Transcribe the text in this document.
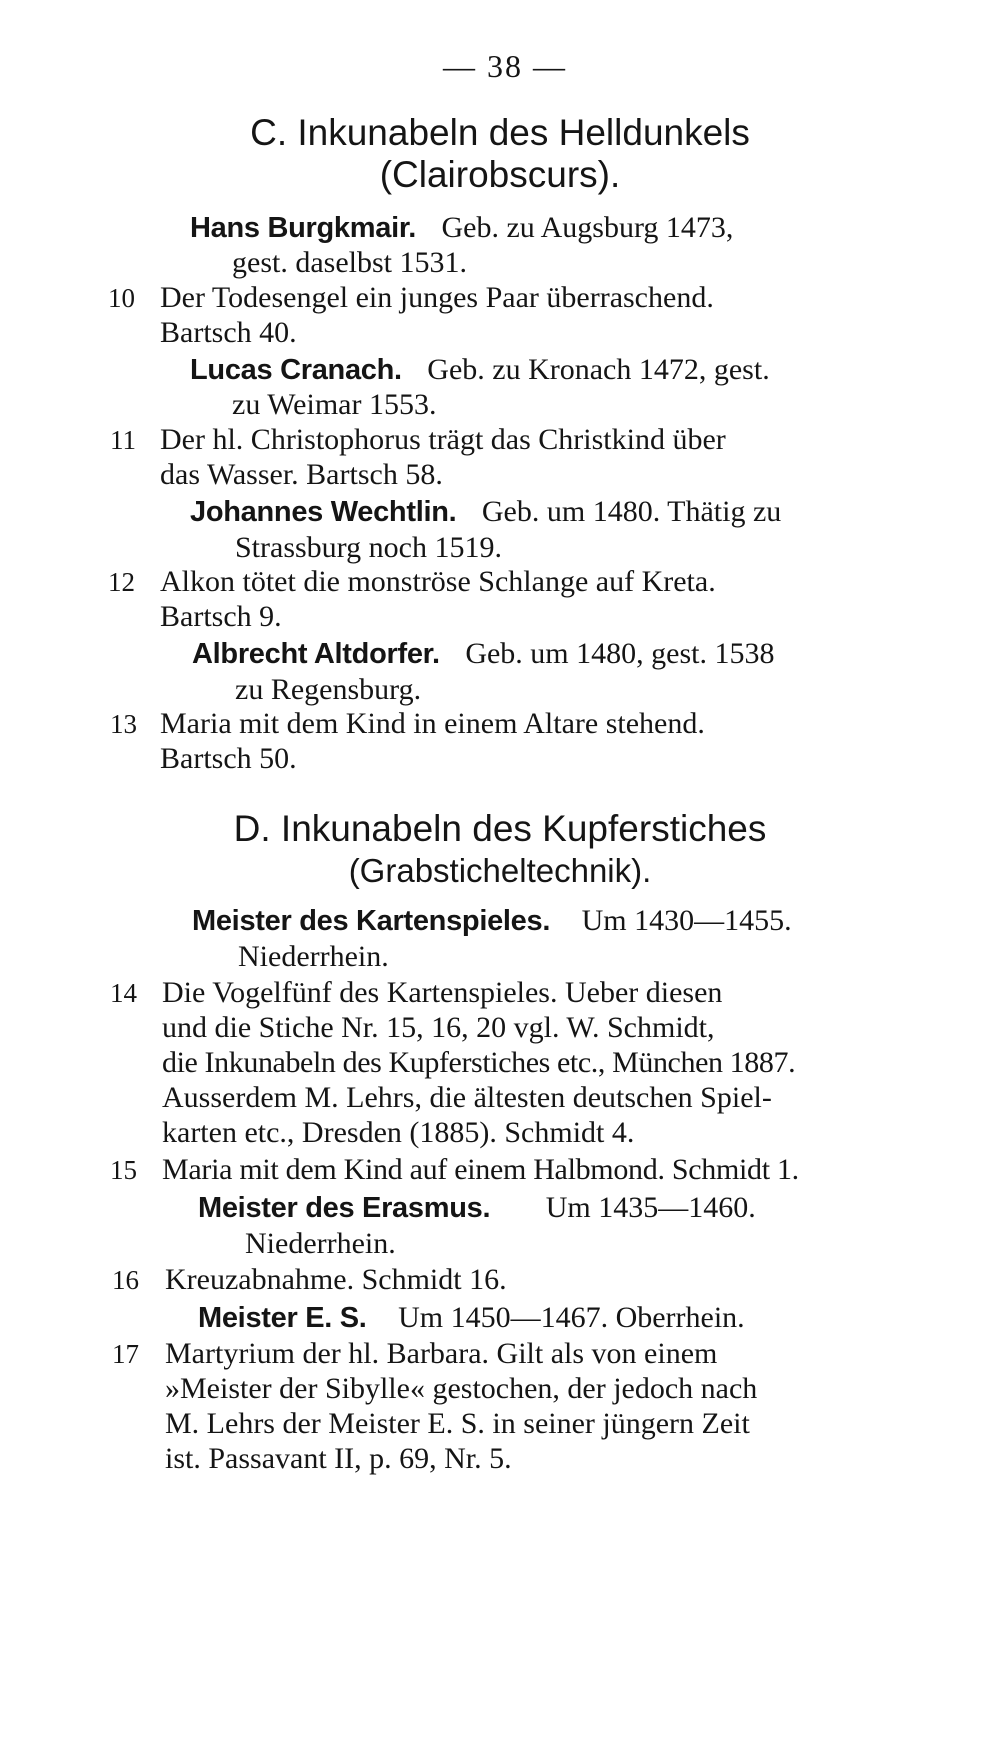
— 38 —
C. Inkunabeln des Helldunkels
(Clairobscurs).
Hans Burgkmair. Geb. zu Augsburg 1473,
gest. daselbst 1531.
10 Der Todesengel ein junges Paar überraschend.
Bartsch 40.
Lucas Cranach. Geb. zu Kronach 1472, gest.
zu Weimar 1553.
11 Der hl. Christophorus trägt das Christkind über
das Wasser. Bartsch 58.
Johannes Wechtlin. Geb. um 1480. Thätig zu
Strassburg noch 1519.
12 Alkon tötet die monströse Schlange auf Kreta.
Bartsch 9.
Albrecht Altdorfer. Geb. um 1480, gest. 1538
zu Regensburg.
13 Maria mit dem Kind in einem Altare stehend.
Bartsch 50.
D. Inkunabeln des Kupferstiches
(Grabsticheltechnik).
Meister des Kartenspieles. Um 1430—1455.
Niederrhein.
14 Die Vogelfünf des Kartenspieles. Ueber diesen
und die Stiche Nr. 15, 16, 20 vgl. W. Schmidt,
die Inkunabeln des Kupferstiches etc., München 1887.
Ausserdem M. Lehrs, die ältesten deutschen Spiel-
karten etc., Dresden (1885). Schmidt 4.
15 Maria mit dem Kind auf einem Halbmond. Schmidt 1.
Meister des Erasmus. Um 1435—1460.
Niederrhein.
16 Kreuzabnahme. Schmidt 16.
Meister E. S. Um 1450—1467. Oberrhein.
17 Martyrium der hl. Barbara. Gilt als von einem
»Meister der Sibylle« gestochen, der jedoch nach
M. Lehrs der Meister E. S. in seiner jüngern Zeit
ist. Passavant II, p. 69, Nr. 5.
